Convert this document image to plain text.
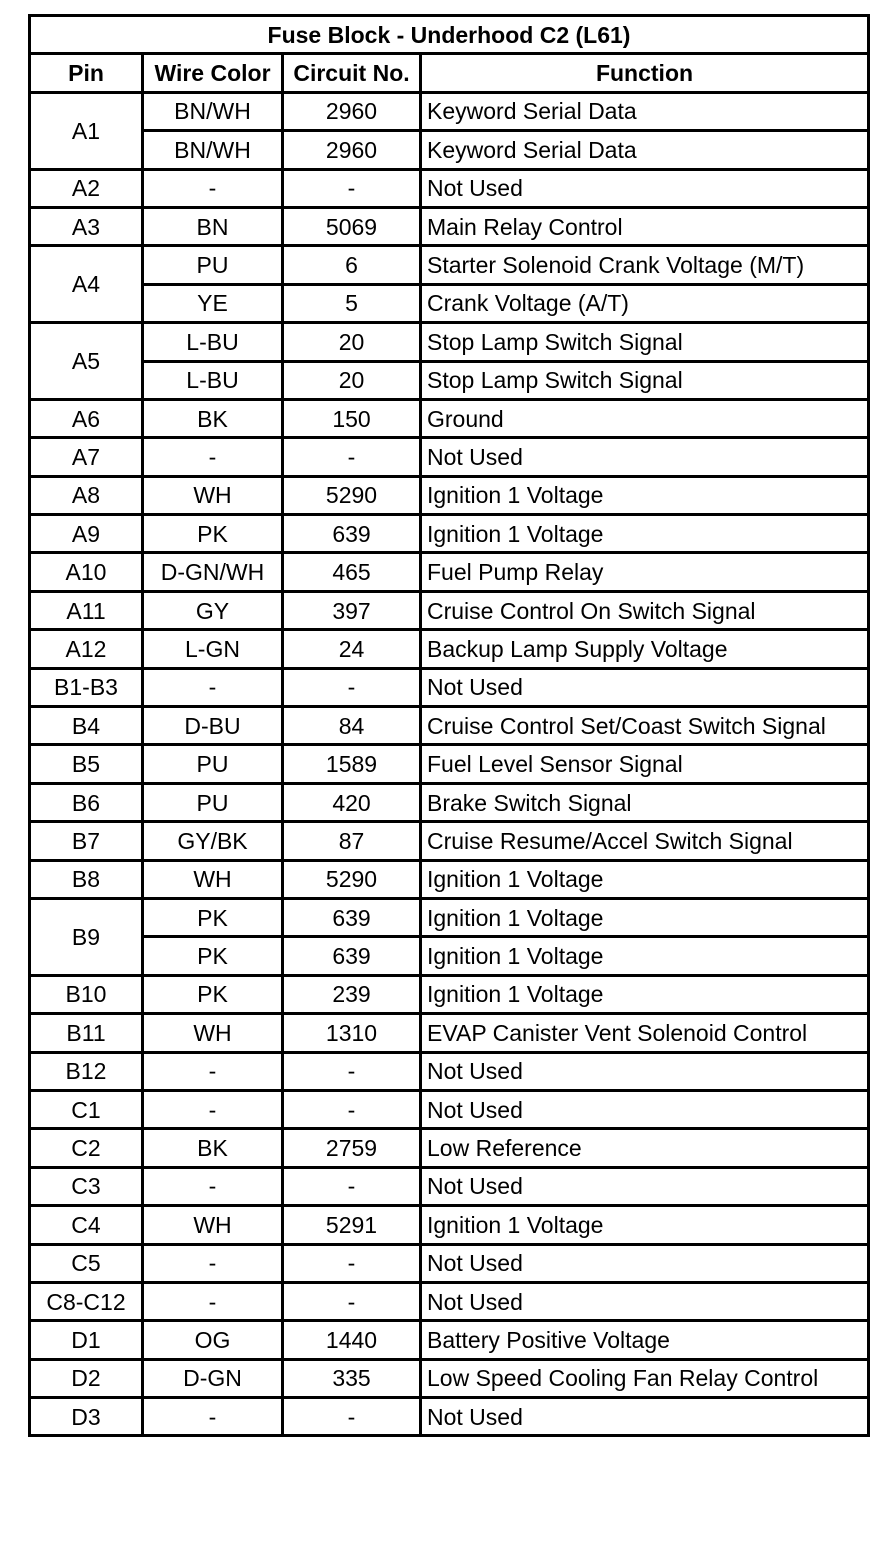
Fuse Block - Underhood C2 (L61)			
Pin	Wire Color	Circuit No.	Function
A1	BN/WH	2960	Keyword Serial Data
	BN/WH	2960	Keyword Serial Data
A2	-	-	Not Used
A3	BN	5069	Main Relay Control
A4	PU	6	Starter Solenoid Crank Voltage (M/T)
	YE	5	Crank Voltage (A/T)
A5	L-BU	20	Stop Lamp Switch Signal
	L-BU	20	Stop Lamp Switch Signal
A6	BK	150	Ground
A7	-	-	Not Used
A8	WH	5290	Ignition 1 Voltage
A9	PK	639	Ignition 1 Voltage
A10	D-GN/WH	465	Fuel Pump Relay
A11	GY	397	Cruise Control On Switch Signal
A12	L-GN	24	Backup Lamp Supply Voltage
B1-B3	-	-	Not Used
B4	D-BU	84	Cruise Control Set/Coast Switch Signal
B5	PU	1589	Fuel Level Sensor Signal
B6	PU	420	Brake Switch Signal
B7	GY/BK	87	Cruise Resume/Accel Switch Signal
B8	WH	5290	Ignition 1 Voltage
B9	PK	639	Ignition 1 Voltage
	PK	639	Ignition 1 Voltage
B10	PK	239	Ignition 1 Voltage
B11	WH	1310	EVAP Canister Vent Solenoid Control
B12	-	-	Not Used
C1	-	-	Not Used
C2	BK	2759	Low Reference
C3	-	-	Not Used
C4	WH	5291	Ignition 1 Voltage
C5	-	-	Not Used
C8-C12	-	-	Not Used
D1	OG	1440	Battery Positive Voltage
D2	D-GN	335	Low Speed Cooling Fan Relay Control
D3	-	-	Not Used
